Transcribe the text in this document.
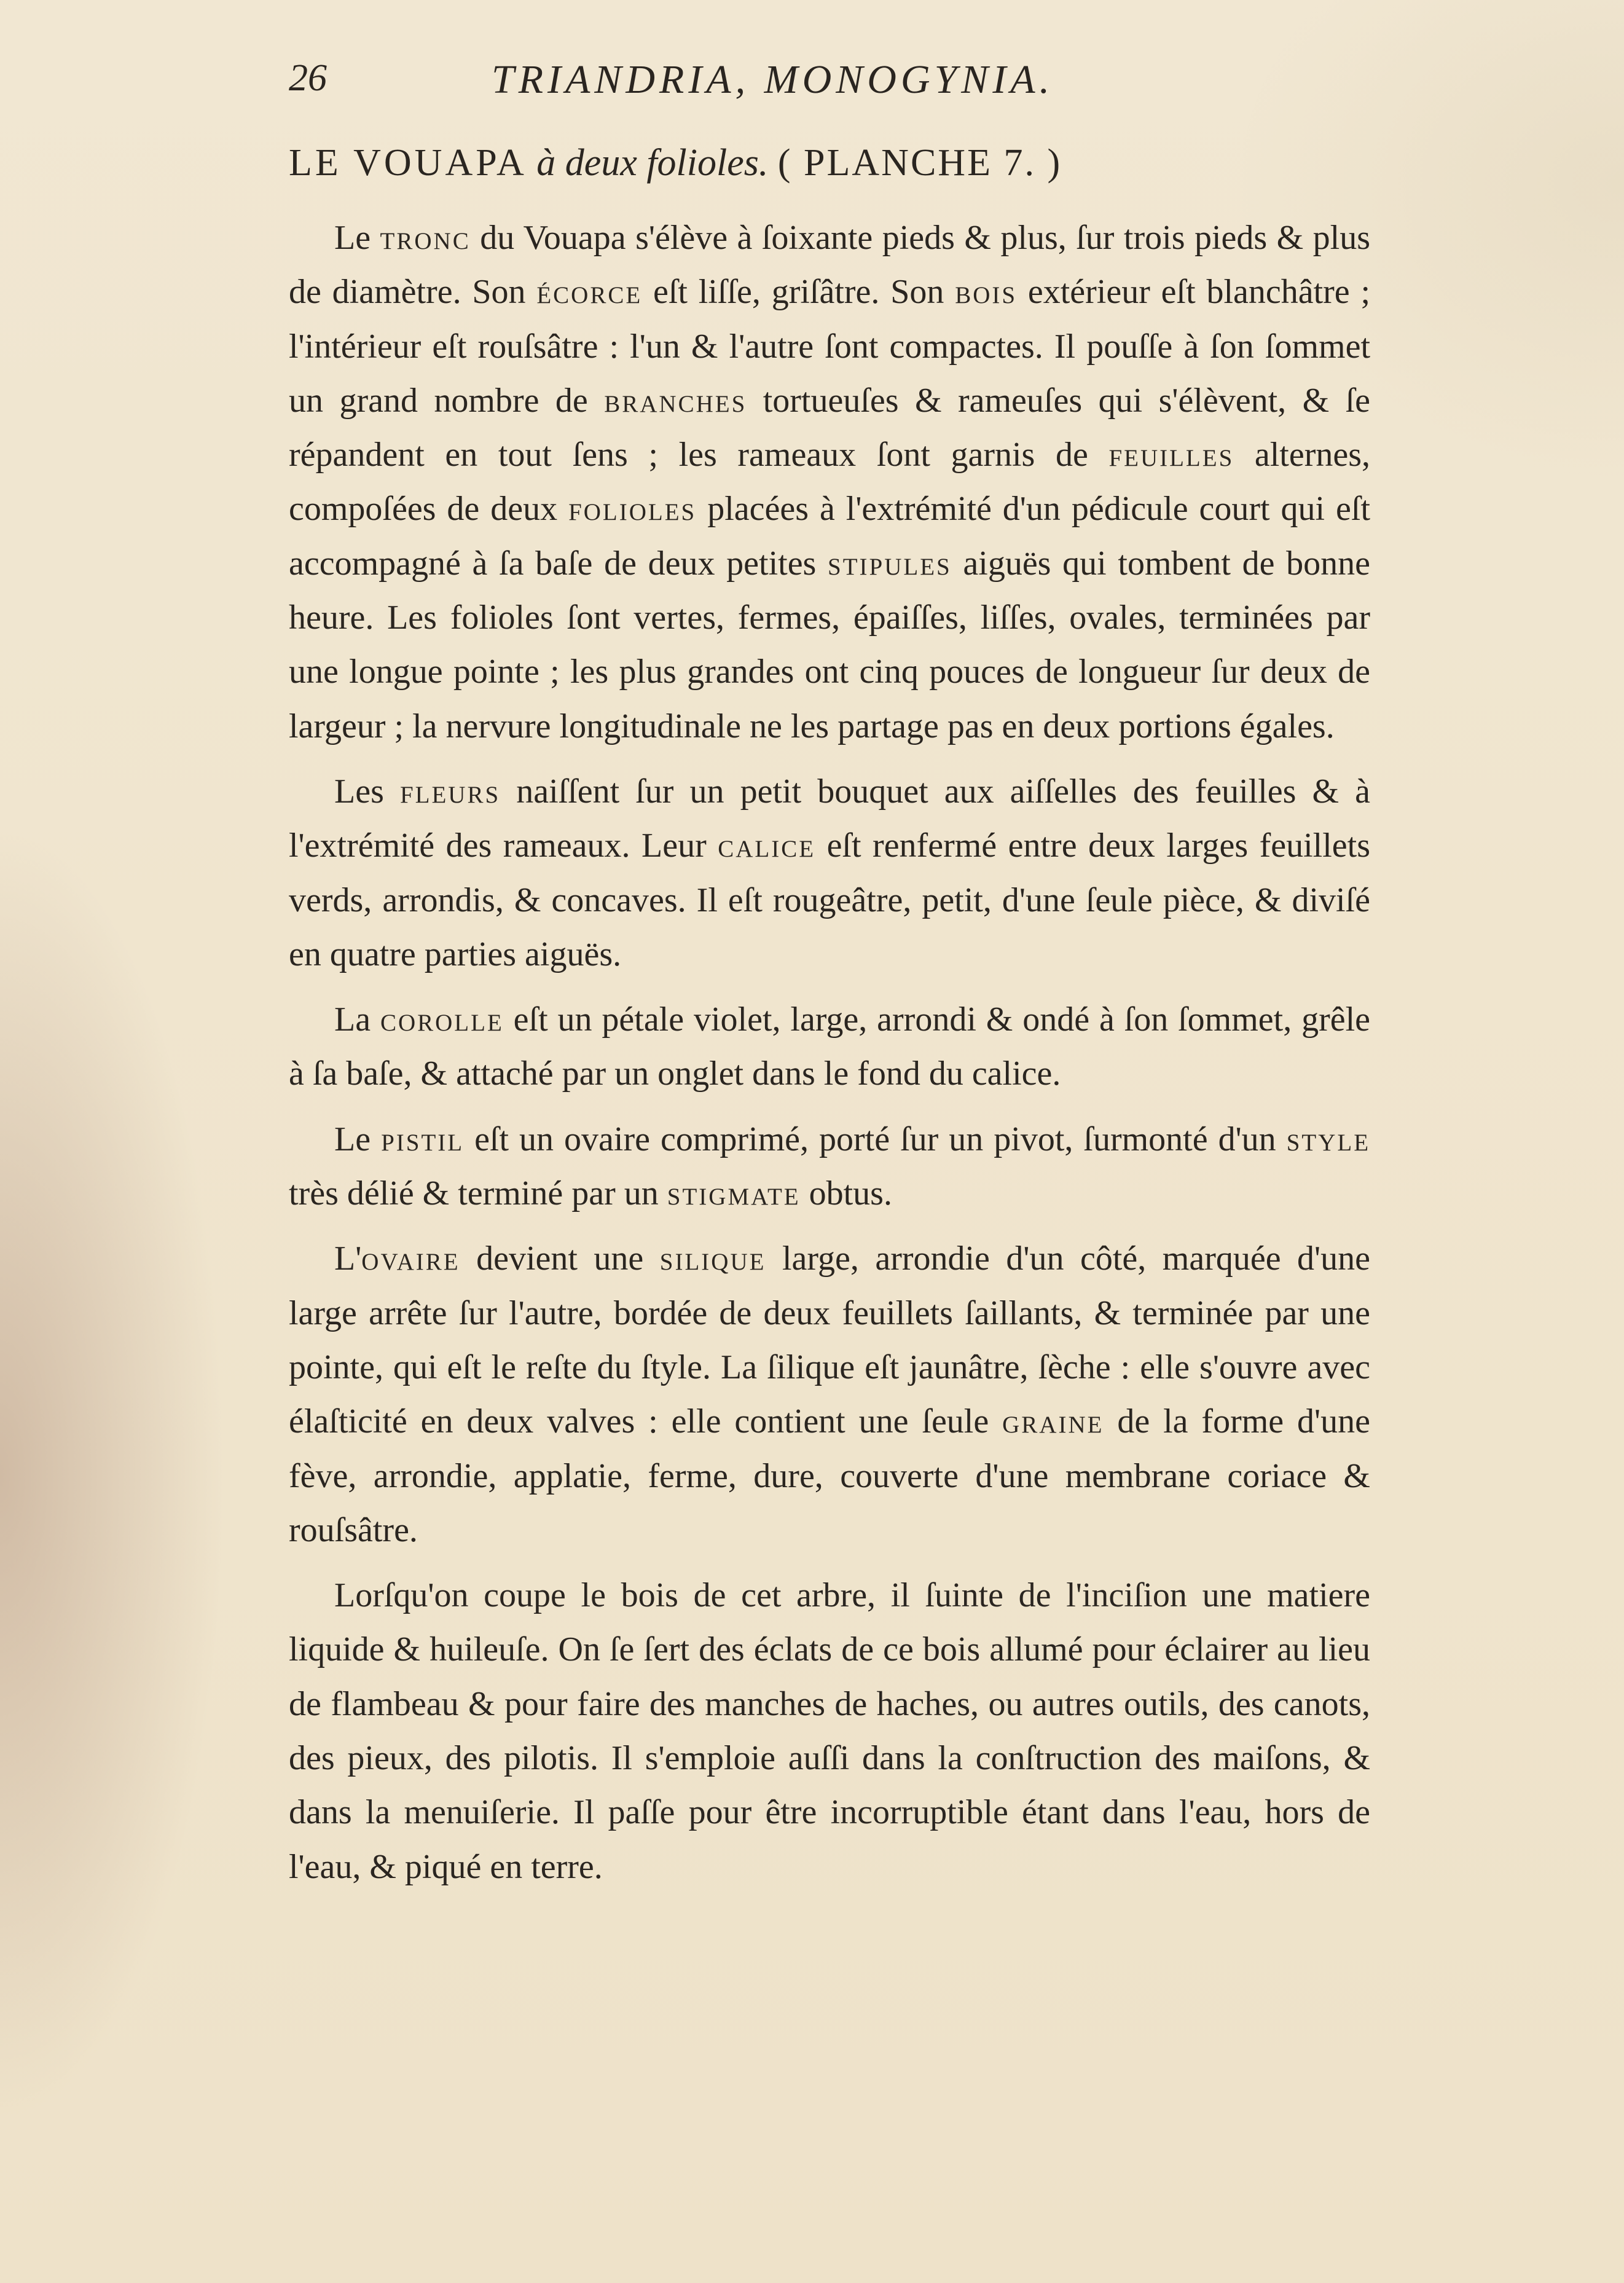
26	TRIANDRIA, MONOGYNIA.
LE VOUAPA à deux folioles. ( PLANCHE 7. )

Le tronc du Vouapa s'élève à ſoixante pieds & plus, ſur trois pieds & plus de diamètre. Son écorce eſt liſſe, griſâtre. Son bois extérieur eſt blanchâtre ; l'intérieur eſt rouſsâtre : l'un & l'autre ſont compactes. Il pouſſe à ſon ſommet un grand nombre de branches tortueuſes & rameuſes qui s'élèvent, & ſe répandent en tout ſens ; les rameaux ſont garnis de feuilles alternes, compoſées de deux folioles placées à l'extrémité d'un pédicule court qui eſt accompagné à ſa baſe de deux petites stipules aiguës qui tombent de bonne heure. Les folioles ſont vertes, fermes, épaiſſes, liſſes, ovales, terminées par une longue pointe ; les plus grandes ont cinq pouces de longueur ſur deux de largeur ; la nervure longitudinale ne les partage pas en deux portions égales.

Les fleurs naiſſent ſur un petit bouquet aux aiſſelles des feuilles & à l'extrémité des rameaux. Leur calice eſt renfermé entre deux larges feuillets verds, arrondis, & concaves. Il eſt rougeâtre, petit, d'une ſeule pièce, & diviſé en quatre parties aiguës.

La corolle eſt un pétale violet, large, arrondi & ondé à ſon ſommet, grêle à ſa baſe, & attaché par un onglet dans le fond du calice.

Le pistil eſt un ovaire comprimé, porté ſur un pivot, ſurmonté d'un style très délié & terminé par un stigmate obtus.

L'ovaire devient une silique large, arrondie d'un côté, marquée d'une large arrête ſur l'autre, bordée de deux feuillets ſaillants, & terminée par une pointe, qui eſt le reſte du ſtyle. La ſilique eſt jaunâtre, ſèche : elle s'ouvre avec élaſticité en deux valves : elle contient une ſeule graine de la forme d'une fève, arrondie, applatie, ferme, dure, couverte d'une membrane coriace & rouſsâtre.

Lorſqu'on coupe le bois de cet arbre, il ſuinte de l'inciſion une matiere liquide & huileuſe. On ſe ſert des éclats de ce bois allumé pour éclairer au lieu de flambeau & pour faire des manches de haches, ou autres outils, des canots, des pieux, des pilotis. Il s'emploie auſſi dans la conſtruction des maiſons, & dans la menuiſerie. Il paſſe pour être incorruptible étant dans l'eau, hors de l'eau, & piqué en terre.
